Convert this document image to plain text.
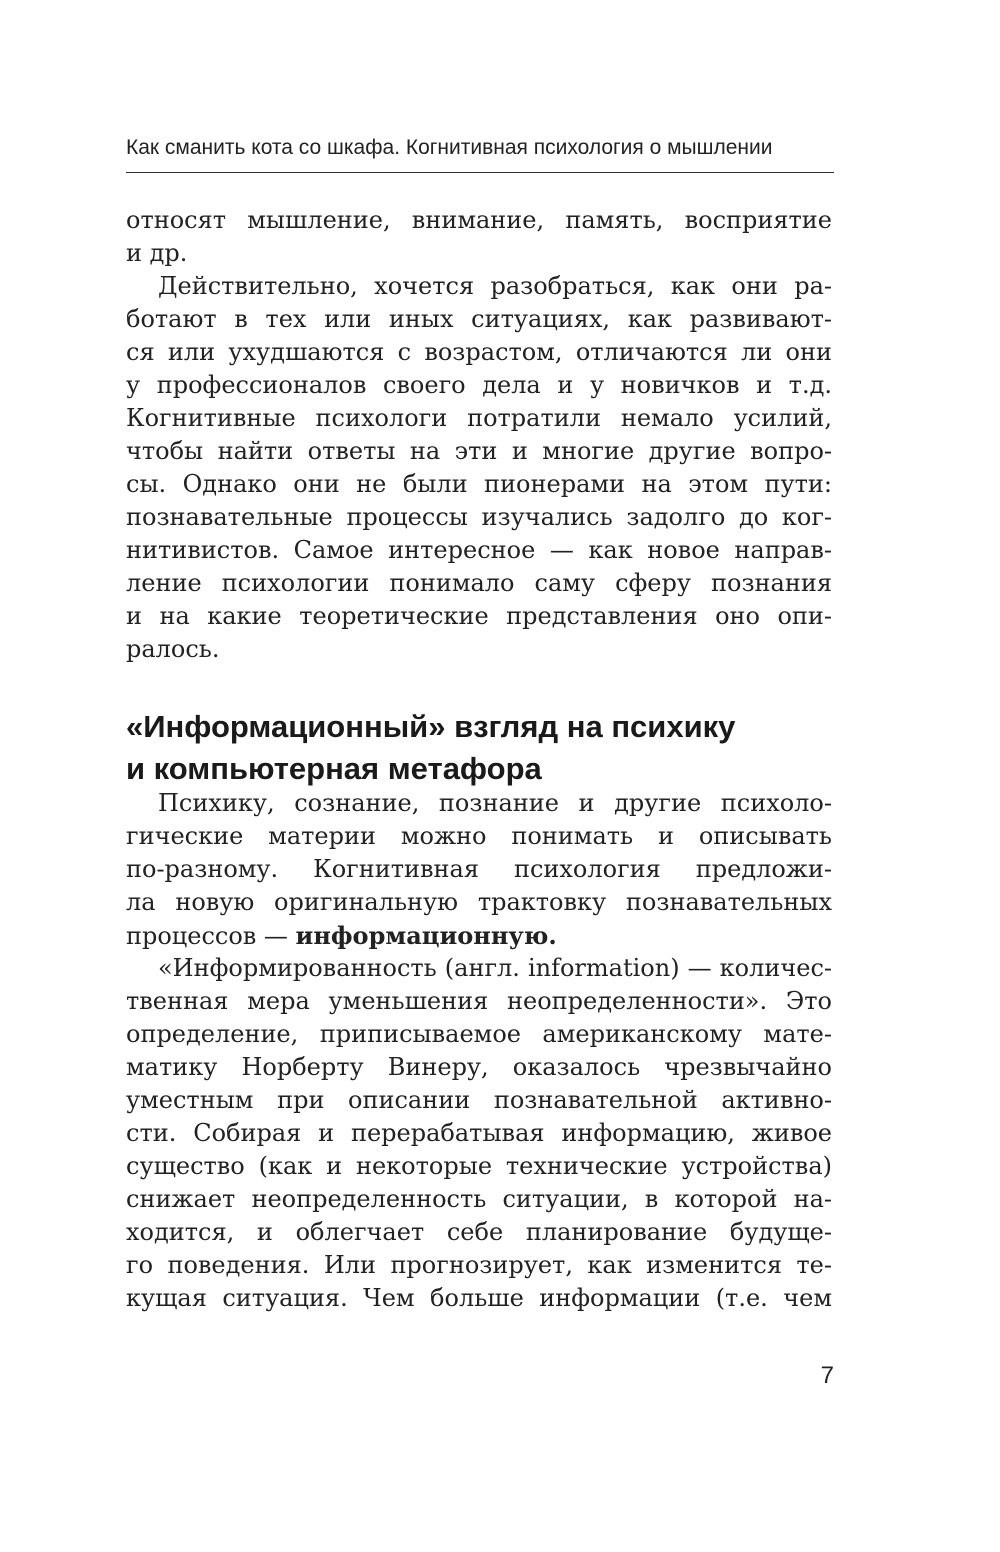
Как сманить кота со шкафа. Когнитивная психология о мышлении
относят мышление, внимание, память, восприятие
и др.
Действительно, хочется разобраться, как они ра-
ботают в тех или иных ситуациях, как развивают-
ся или ухудшаются с возрастом, отличаются ли они
у профессионалов своего дела и у новичков и т.д.
Когнитивные психологи потратили немало усилий,
чтобы найти ответы на эти и многие другие вопро-
сы. Однако они не были пионерами на этом пути:
познавательные процессы изучались задолго до ког-
нитивистов. Самое интересное — как новое направ-
ление психологии понимало саму сферу познания
и на какие теоретические представления оно опи-
ралось.
«Информационный» взгляд на психику
и компьютерная метафора
Психику, сознание, познание и другие психоло-
гические материи можно понимать и описывать
по-разному. Когнитивная психология предложи-
ла новую оригинальную трактовку познавательных
процессов — информационную.
«Информированность (англ. information) — количес-
твенная мера уменьшения неопределенности». Это
определение, приписываемое американскому мате-
матику Норберту Винеру, оказалось чрезвычайно
уместным при описании познавательной активно-
сти. Собирая и перерабатывая информацию, живое
существо (как и некоторые технические устройства)
снижает неопределенность ситуации, в которой на-
ходится, и облегчает себе планирование будуще-
го поведения. Или прогнозирует, как изменится те-
кущая ситуация. Чем больше информации (т.е. чем
7
